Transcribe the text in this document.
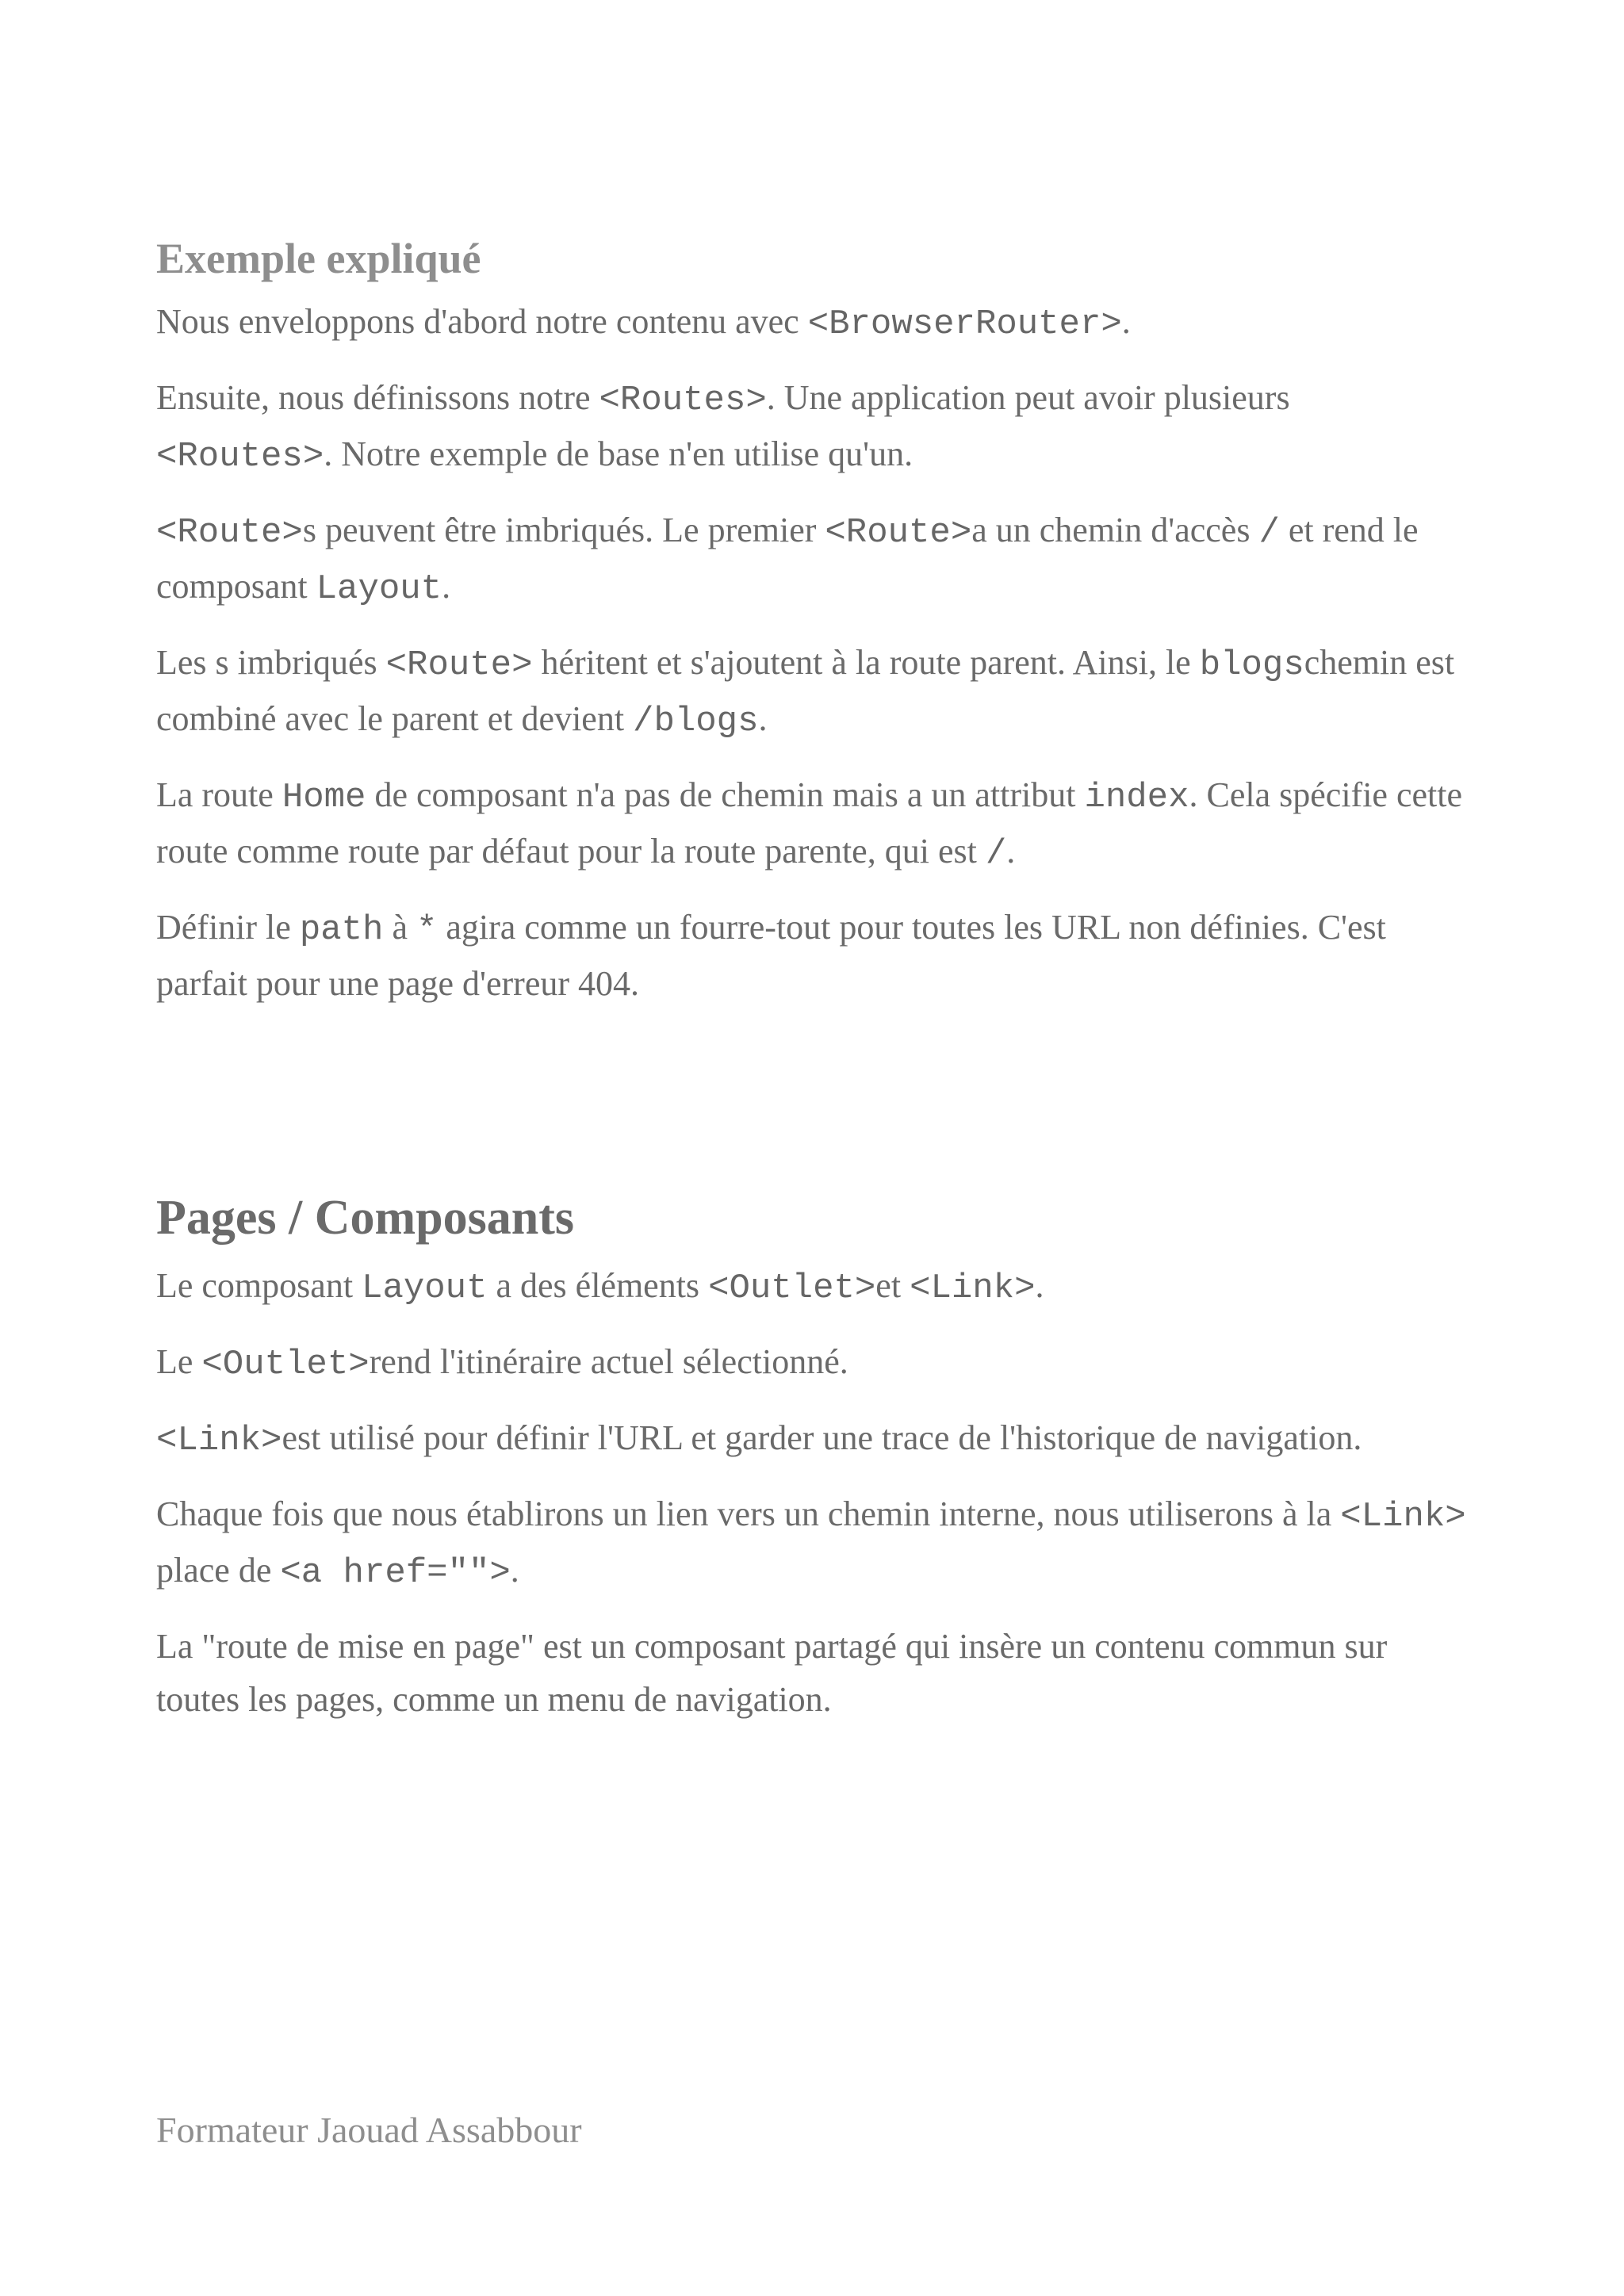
Exemple expliqué

Nous enveloppons d'abord notre contenu avec <BrowserRouter>.

Ensuite, nous définissons notre <Routes>. Une application peut avoir plusieurs <Routes>. Notre exemple de base n'en utilise qu'un.

<Route>s peuvent être imbriqués. Le premier <Route>a un chemin d'accès / et rend le composant Layout.

Les s imbriqués <Route> héritent et s'ajoutent à la route parent. Ainsi, le blogschemin est combiné avec le parent et devient /blogs.

La route Home de composant n'a pas de chemin mais a un attribut index. Cela spécifie cette route comme route par défaut pour la route parente, qui est /.

Définir le path à * agira comme un fourre-tout pour toutes les URL non définies. C'est parfait pour une page d'erreur 404.

Pages / Composants

Le composant Layout a des éléments <Outlet>et <Link>.

Le <Outlet>rend l'itinéraire actuel sélectionné.

<Link>est utilisé pour définir l'URL et garder une trace de l'historique de navigation.

Chaque fois que nous établirons un lien vers un chemin interne, nous utiliserons à la <Link> place de <a href="">.

La "route de mise en page" est un composant partagé qui insère un contenu commun sur toutes les pages, comme un menu de navigation.

Formateur Jaouad Assabbour
